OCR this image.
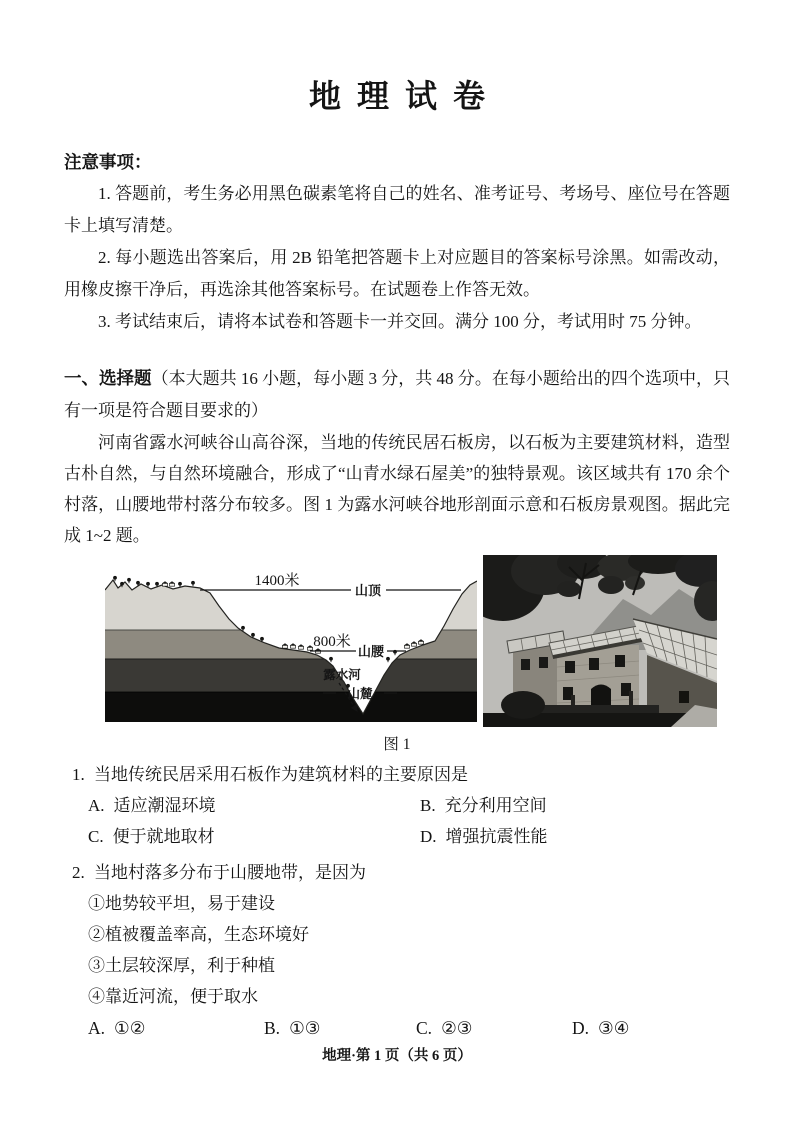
地理试卷
注意事项：

1. 答题前，考生务必用黑色碳素笔将自己的姓名、准考证号、考场号、座位号在答题卡上填写清楚。

2. 每小题选出答案后，用 2B 铅笔把答题卡上对应题目的答案标号涂黑。如需改动，用橡皮擦干净后，再选涂其他答案标号。在试题卷上作答无效。

3. 考试结束后，请将本试卷和答题卡一并交回。满分 100 分，考试用时 75 分钟。

一、选择题（本大题共 16 小题，每小题 3 分，共 48 分。在每小题给出的四个选项中，只有一项是符合题目要求的）

河南省露水河峡谷山高谷深，当地的传统民居石板房，以石板为主要建筑材料，造型古朴自然，与自然环境融合，形成了“山青水绿石屋美”的独特景观。该区域共有 170 余个村落，山腰地带村落分布较多。图 1 为露水河峡谷地形剖面示意和石板房景观图。据此完成 1~2 题。

1400米
山顶
800米
山腰
露水河
山麓
图 1
1. 当地传统民居采用石板作为建筑材料的主要原因是
A. 适应潮湿环境	B. 充分利用空间
C. 便于就地取材	D. 增强抗震性能
2. 当地村落多分布于山腰地带，是因为
①地势较平坦，易于建设
②植被覆盖率高，生态环境好
③土层较深厚，利于种植
④靠近河流，便于取水
A. ①②	B. ①③	C. ②③	D. ③④
地理·第 1 页（共 6 页）
